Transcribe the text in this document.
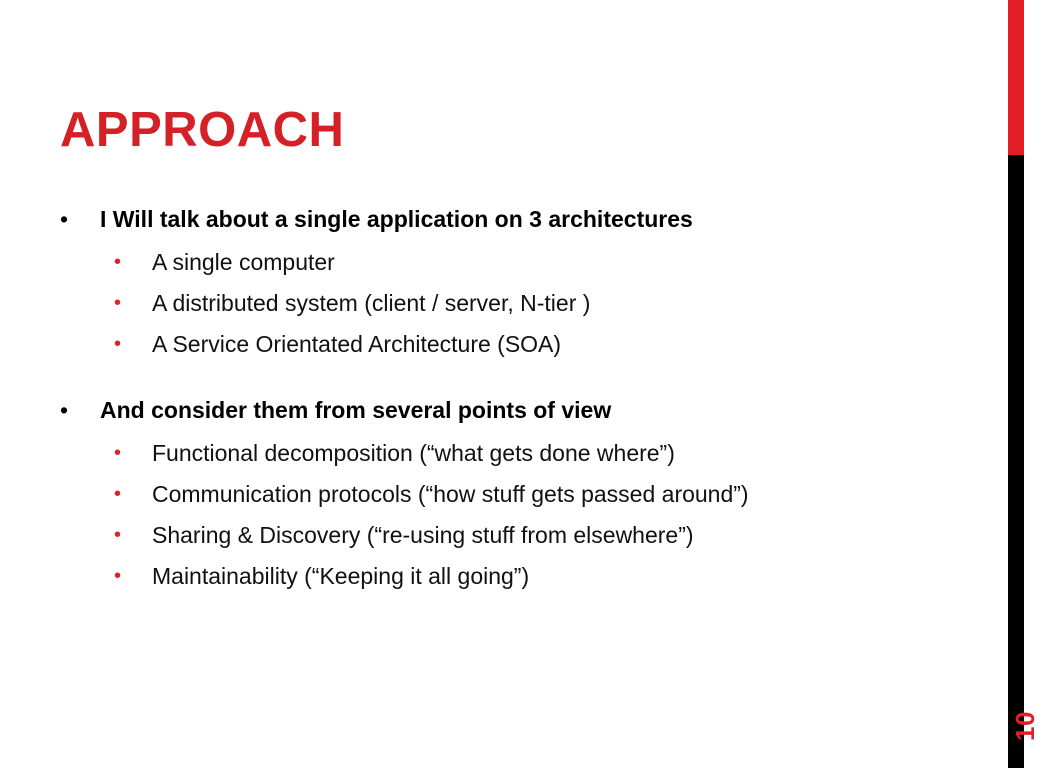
APPROACH
• I Will talk about a single application on 3 architectures
• A single computer
• A distributed system (client / server, N-tier )
• A Service Orientated Architecture (SOA)
• And consider them from several points of view
• Functional decomposition (“what gets done where”)
• Communication protocols (“how stuff gets passed around”)
• Sharing & Discovery (“re-using stuff from elsewhere”)
• Maintainability (“Keeping it all going”)
10
